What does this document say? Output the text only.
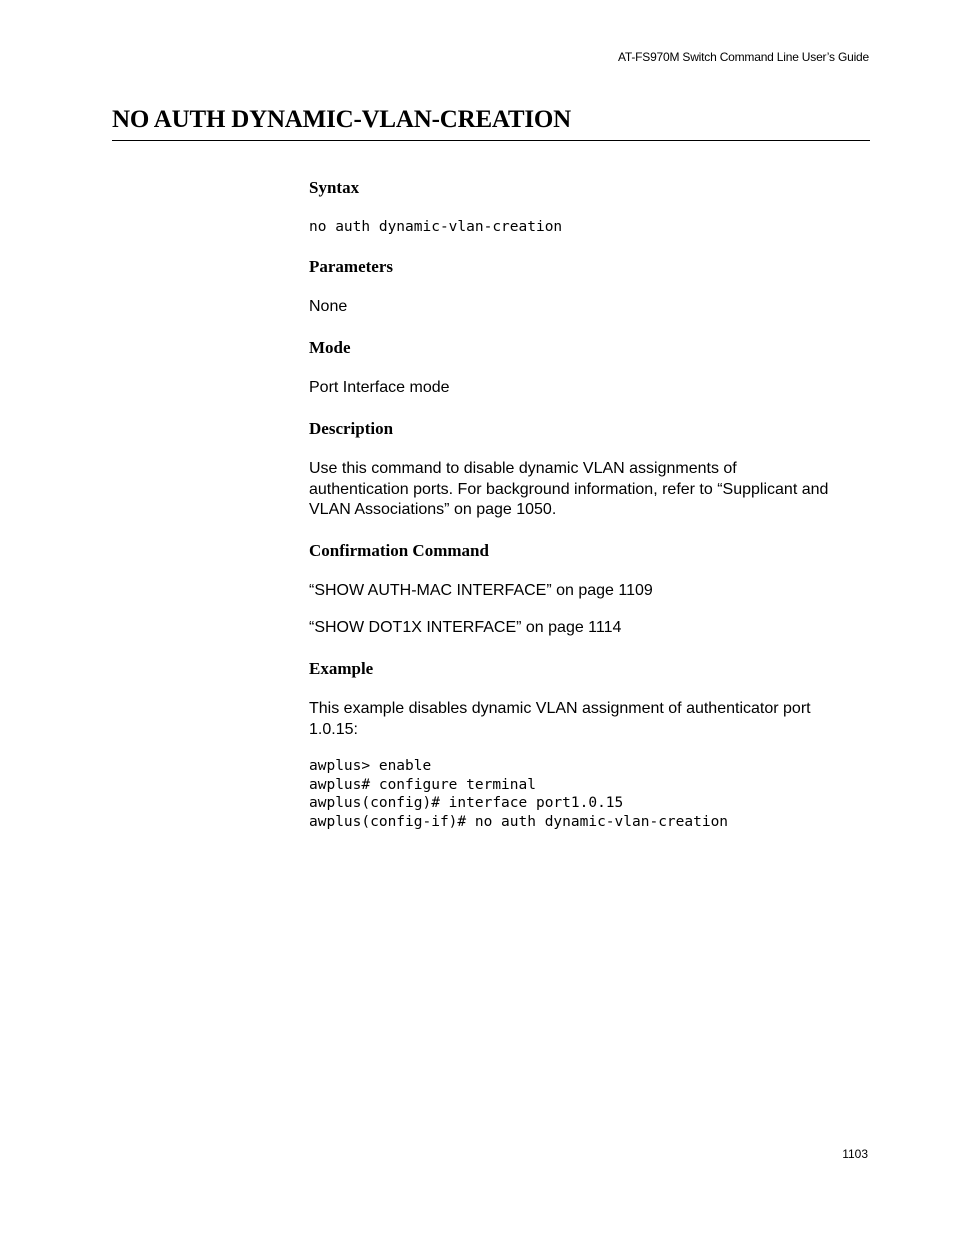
AT-FS970M Switch Command Line User’s Guide
NO AUTH DYNAMIC-VLAN-CREATION

Syntax

no auth dynamic-vlan-creation

Parameters

None

Mode

Port Interface mode

Description

Use this command to disable dynamic VLAN assignments of

authentication ports. For background information, refer to “Supplicant and

VLAN Associations” on page 1050.

Confirmation Command

“SHOW AUTH-MAC INTERFACE” on page 1109

“SHOW DOT1X INTERFACE” on page 1114

Example

This example disables dynamic VLAN assignment of authenticator port

1.0.15:

awplus> enable

awplus# configure terminal

awplus(config)# interface port1.0.15

awplus(config-if)# no auth dynamic-vlan-creation

1103
